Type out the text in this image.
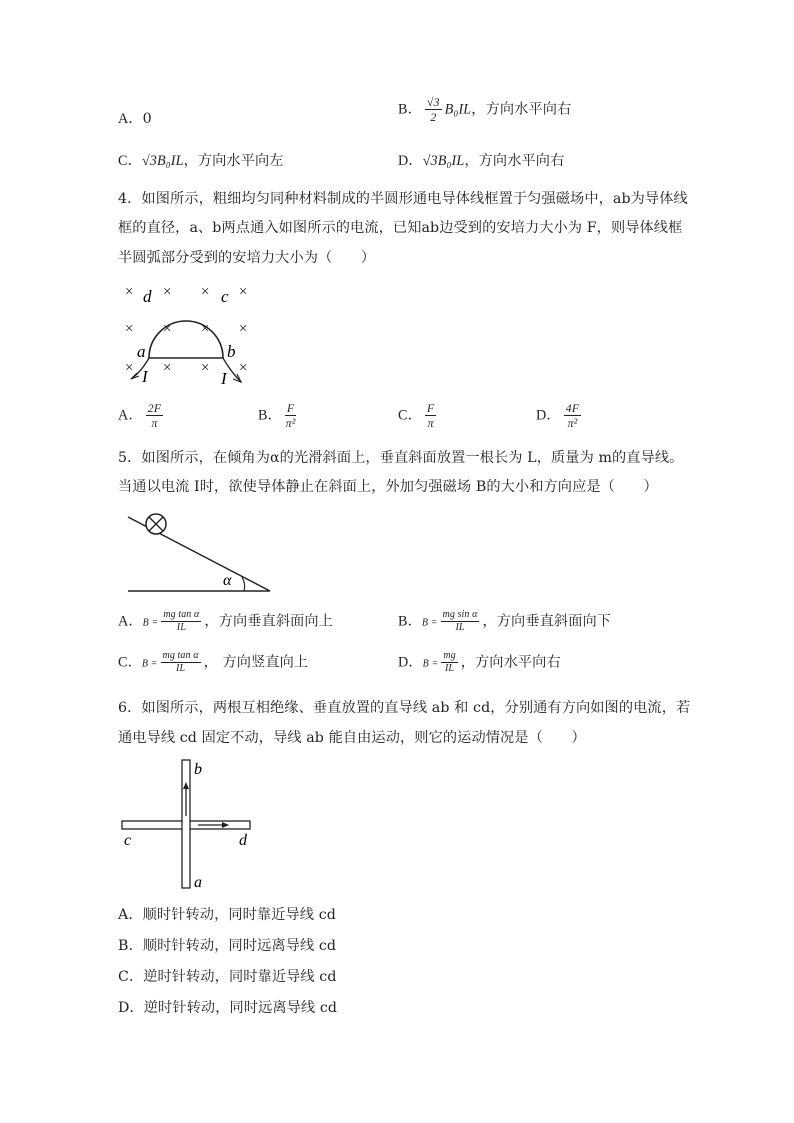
A．0
B． $\frac{√3}{2} B_0IL$，方向水平向右
C．√3B₀IL，方向水平向左	D．√3B₀IL，方向水平向右
4．如图所示，粗细均匀同种材料制成的半圆形通电导体线框置于匀强磁场中，ab为导体线
框的直径，a、b两点通入如图所示的电流，已知ab边受到的安培力大小为 F，则导体线框
半圆弧部分受到的安培力大小为（　　）
× × × ×
× × × ×
× × × ×
d	c
a	b
I	I
A． $\frac{2F}{\pi}$	B． $\frac{F}{\text{π²}}$	C． $\frac{F}{\pi}$	D． $\frac{4F}{\text{π²}}$
5．如图所示，在倾角为α的光滑斜面上，垂直斜面放置一根长为 L，质量为 m的直导线。
当通以电流 I时，欲使导体静止在斜面上，外加匀强磁场 B的大小和方向应是（　　）
α
A．$B = \frac{\text{mg tan α}}{IL}$ ，方向垂直斜面向上	B．$B = \frac{\text{mg sin α}}{IL}$ ，方向垂直斜面向下
C．$B = \frac{\text{mg tan α}}{IL}$ ， 方向竖直向上	D．$B = \frac{mg}{IL}$ ，方向水平向右
6．如图所示，两根互相绝缘、垂直放置的直导线 ab 和 cd，分别通有方向如图的电流，若
通电导线 cd 固定不动，导线 ab 能自由运动，则它的运动情况是（　　）
b
a
c	d
A．顺时针转动，同时靠近导线 cd
B．顺时针转动，同时远离导线 cd
C．逆时针转动，同时靠近导线 cd
D．逆时针转动，同时远离导线 cd
